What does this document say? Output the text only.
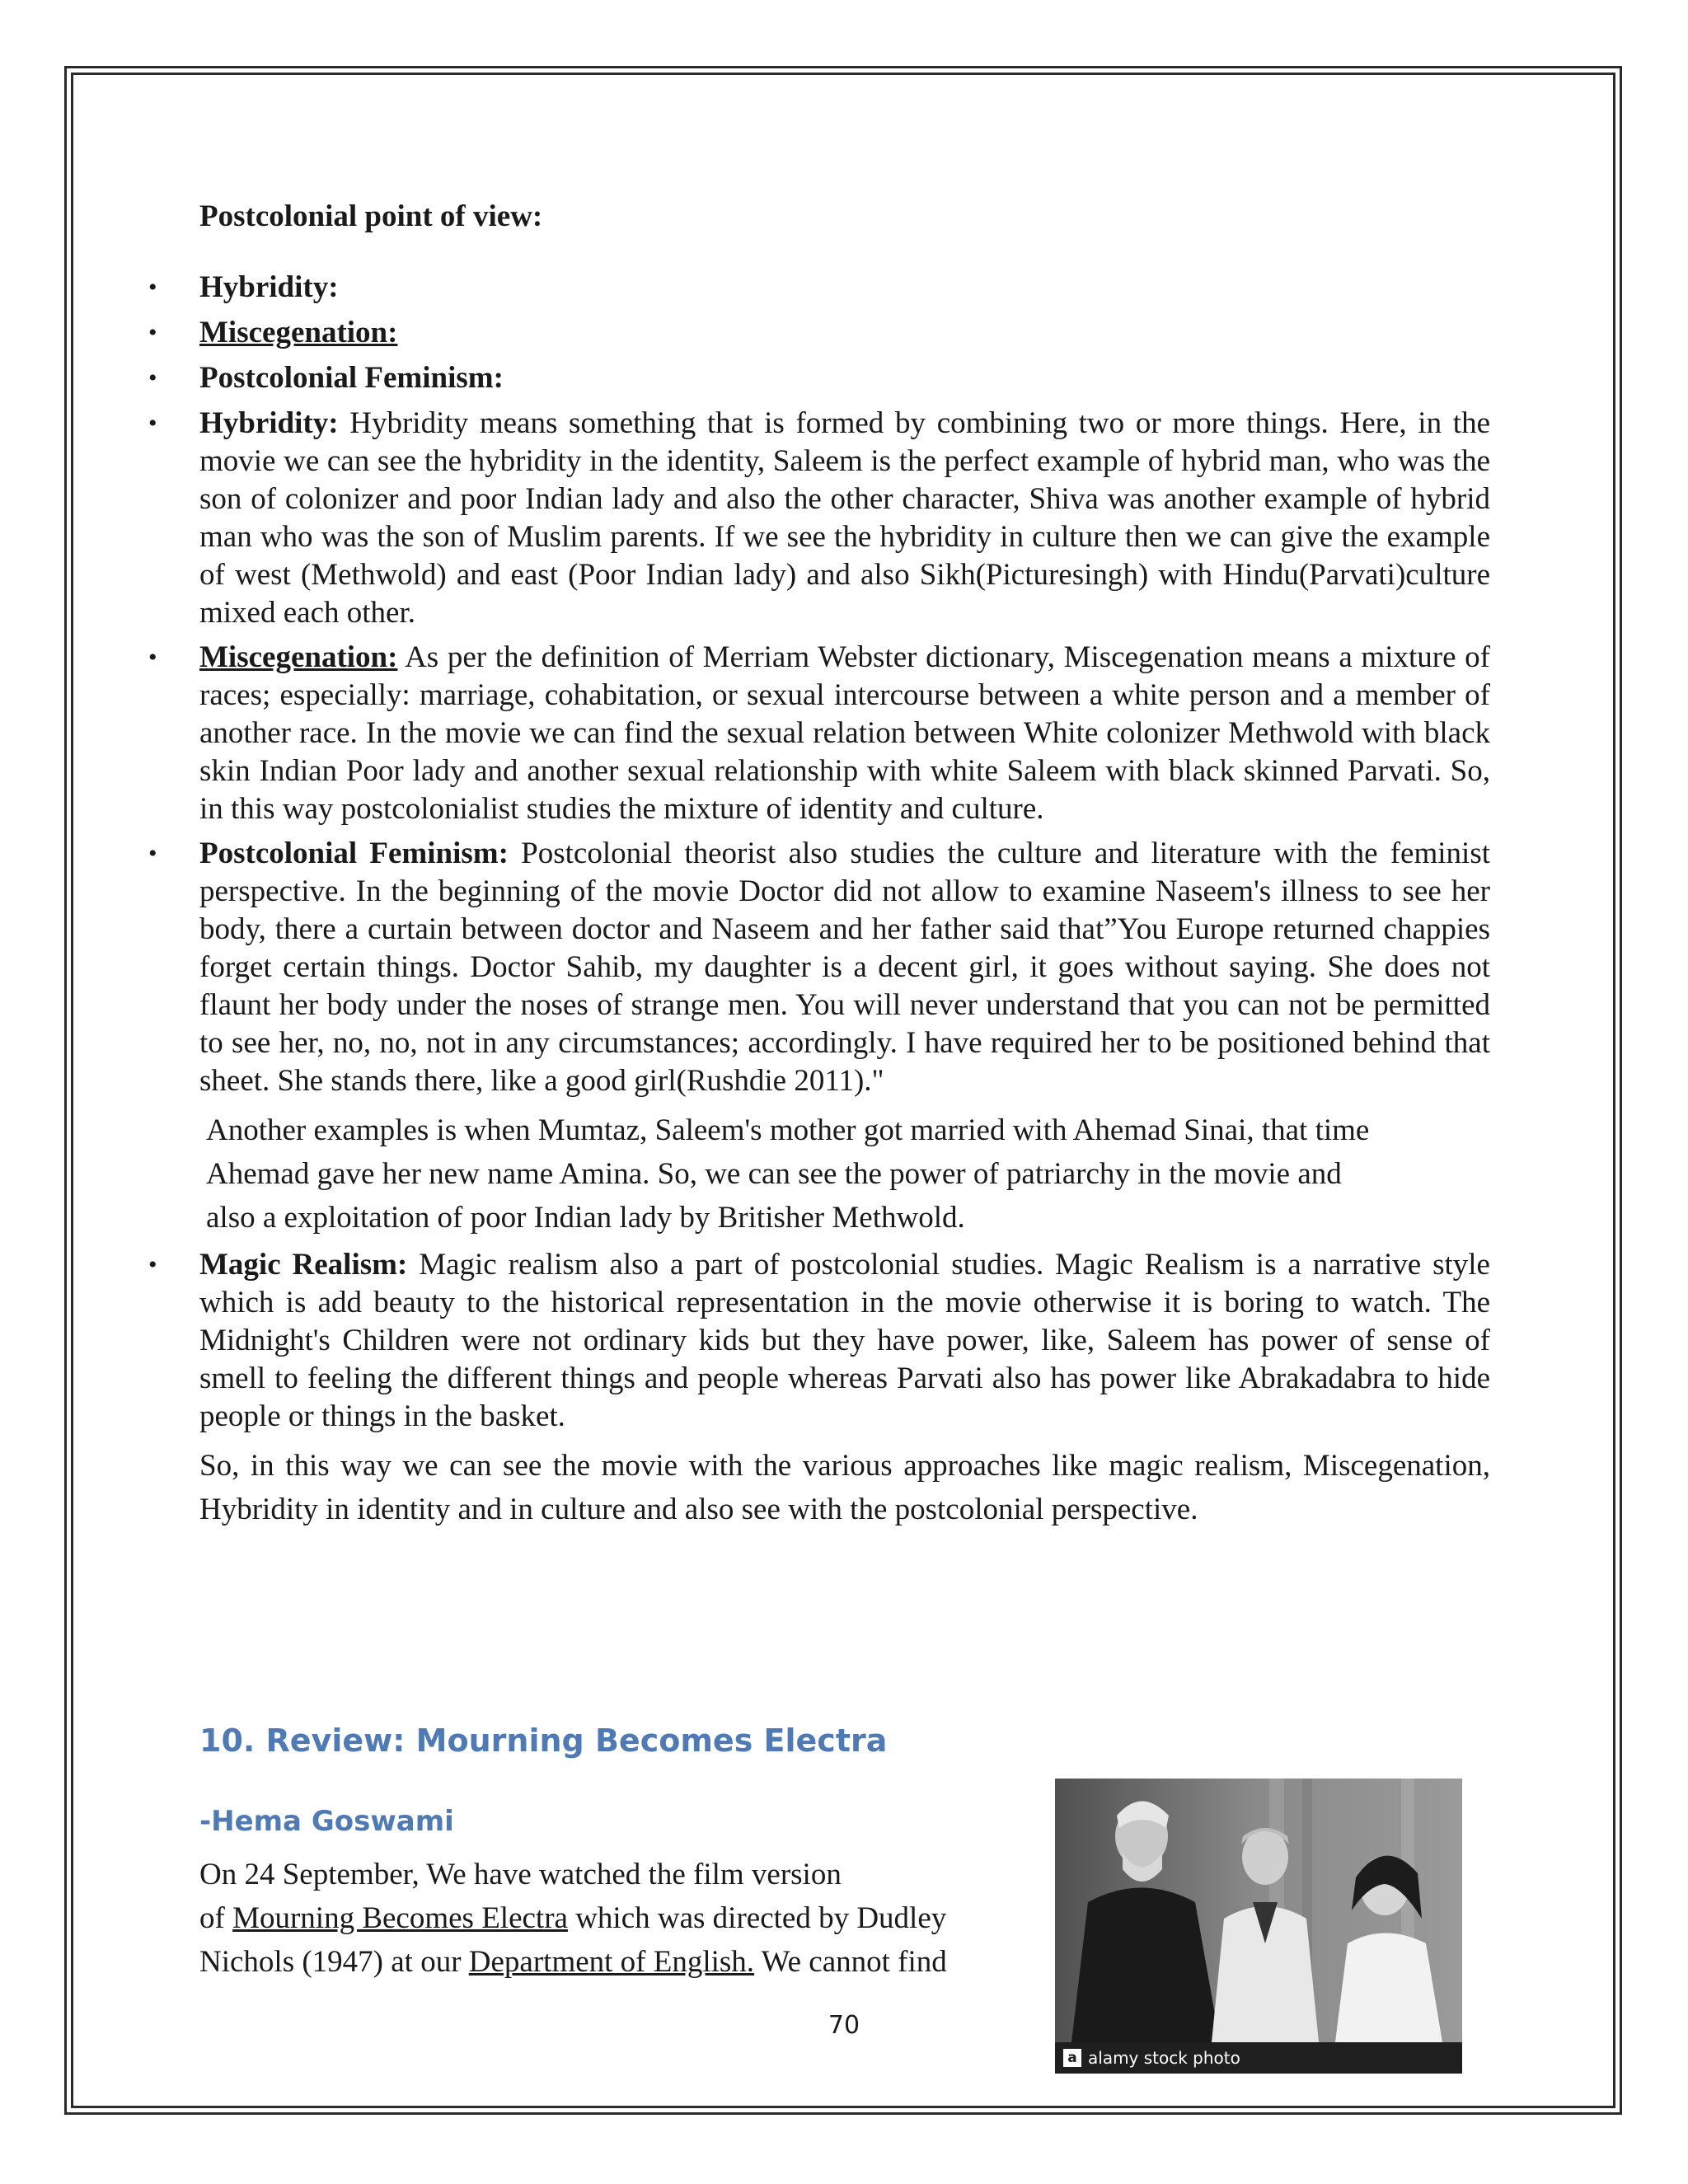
Postcolonial point of view:
• Hybridity:
• Miscegenation:
• Postcolonial Feminism:
• Hybridity: Hybridity means something that is formed by combining two or more things. Here, in the movie we can see the hybridity in the identity, Saleem is the perfect example of hybrid man, who was the son of colonizer and poor Indian lady and also the other character, Shiva was another example of hybrid man who was the son of Muslim parents. If we see the hybridity in culture then we can give the example of west (Methwold) and east (Poor Indian lady) and also Sikh(Picturesingh) with Hindu(Parvati)culture mixed each other.
• Miscegenation: As per the definition of Merriam Webster dictionary, Miscegenation means a mixture of races; especially: marriage, cohabitation, or sexual intercourse between a white person and a member of another race. In the movie we can find the sexual relation between White colonizer Methwold with black skin Indian Poor lady and another sexual relationship with white Saleem with black skinned Parvati. So, in this way postcolonialist studies the mixture of identity and culture.
• Postcolonial Feminism: Postcolonial theorist also studies the culture and literature with the feminist perspective. In the beginning of the movie Doctor did not allow to examine Naseem's illness to see her body, there a curtain between doctor and Naseem and her father said that”You Europe returned chappies forget certain things. Doctor Sahib, my daughter is a decent girl, it goes without saying. She does not flaunt her body under the noses of strange men. You will never understand that you can not be permitted to see her, no, no, not in any circumstances; accordingly. I have required her to be positioned behind that sheet. She stands there, like a good girl(Rushdie 2011)."
Another examples is when Mumtaz, Saleem's mother got married with Ahemad Sinai, that time
Ahemad gave her new name Amina. So, we can see the power of patriarchy in the movie and
also a exploitation of poor Indian lady by Britisher Methwold.
• Magic Realism: Magic realism also a part of postcolonial studies. Magic Realism is a narrative style which is add beauty to the historical representation in the movie otherwise it is boring to watch. The Midnight's Children were not ordinary kids but they have power, like, Saleem has power of sense of smell to feeling the different things and people whereas Parvati also has power like Abrakadabra to hide people or things in the basket.
So, in this way we can see the movie with the various approaches like magic realism, Miscegenation, Hybridity in identity and in culture and also see with the postcolonial perspective.
10. Review: Mourning Becomes Electra
-Hema Goswami
On 24 September, We have watched the film version
of Mourning Becomes Electra which was directed by Dudley
Nichols (1947) at our Department of English. We cannot find
a alamy stock photo
70
